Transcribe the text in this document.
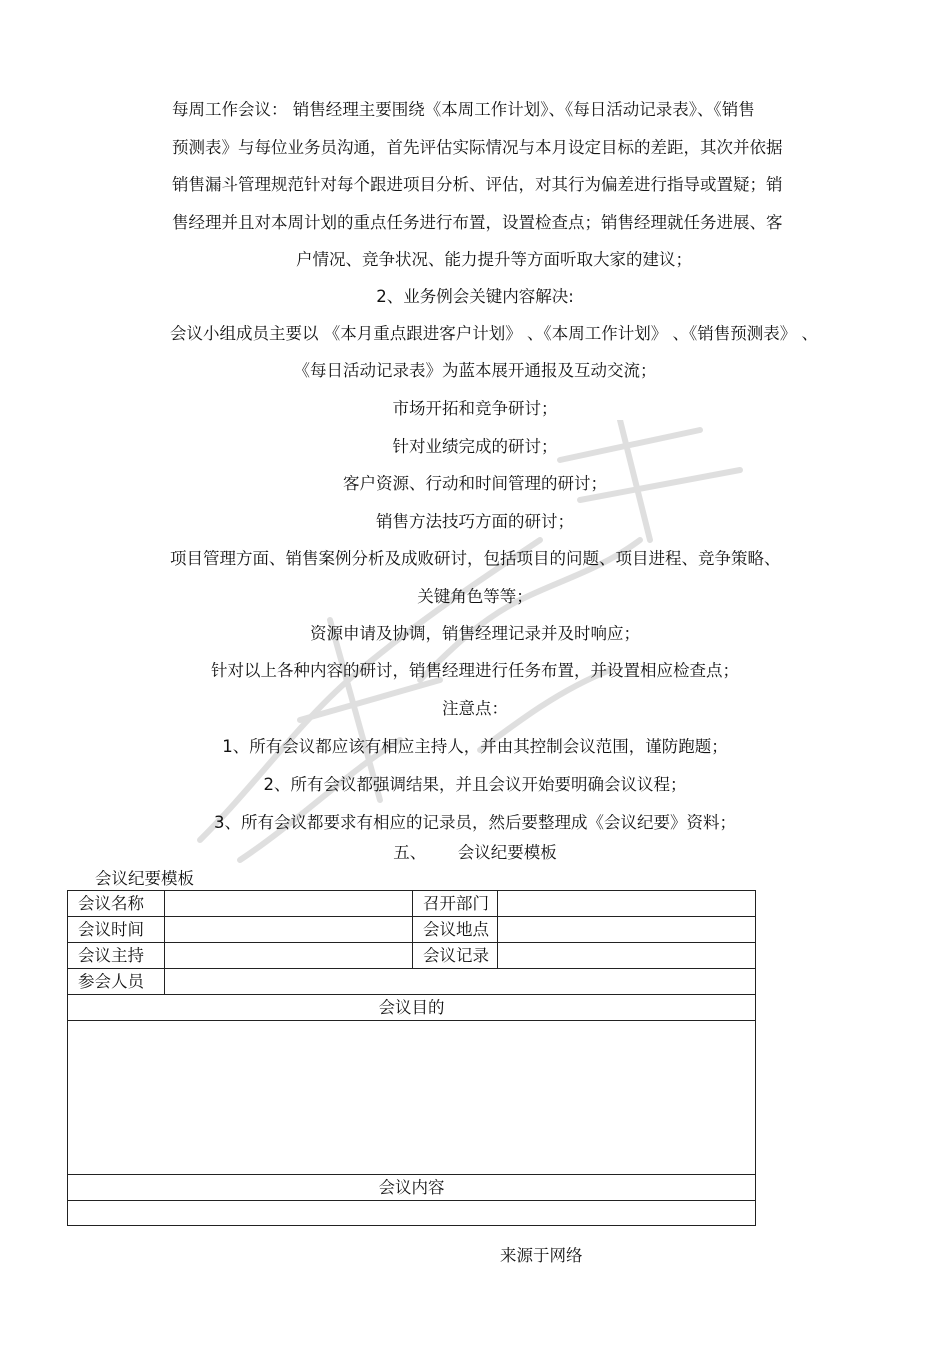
每周工作会议： 销售经理主要围绕《本周工作计划》、《每日活动记录表》、《销售
预测表》与每位业务员沟通，首先评估实际情况与本月设定目标的差距，其次并依据
销售漏斗管理规范针对每个跟进项目分析、评估，对其行为偏差进行指导或置疑；销
售经理并且对本周计划的重点任务进行布置，设置检查点；销售经理就任务进展、客
户情况、竞争状况、能力提升等方面听取大家的建议；
2、业务例会关键内容解决:
会议小组成员主要以 《本月重点跟进客户计划》 、《本周工作计划》 、《销售预测表》 、
《每日活动记录表》为蓝本展开通报及互动交流；
市场开拓和竞争研讨；
针对业绩完成的研讨；
客户资源、行动和时间管理的研讨；
销售方法技巧方面的研讨；
项目管理方面、销售案例分析及成败研讨，包括项目的问题、项目进程、竞争策略、
关键角色等等；
资源申请及协调，销售经理记录并及时响应；
针对以上各种内容的研讨，销售经理进行任务布置，并设置相应检查点；
注意点：
1、所有会议都应该有相应主持人，并由其控制会议范围，谨防跑题；
2、所有会议都强调结果，并且会议开始要明确会议议程；
3、所有会议都要求有相应的记录员，然后要整理成《会议纪要》资料；
五、      会议纪要模板
会议纪要模板
会议名称		召开部门	
会议时间		会议地点	
会议主持		会议记录	
参会人员			
会议目的			

会议内容			

来源于网络
